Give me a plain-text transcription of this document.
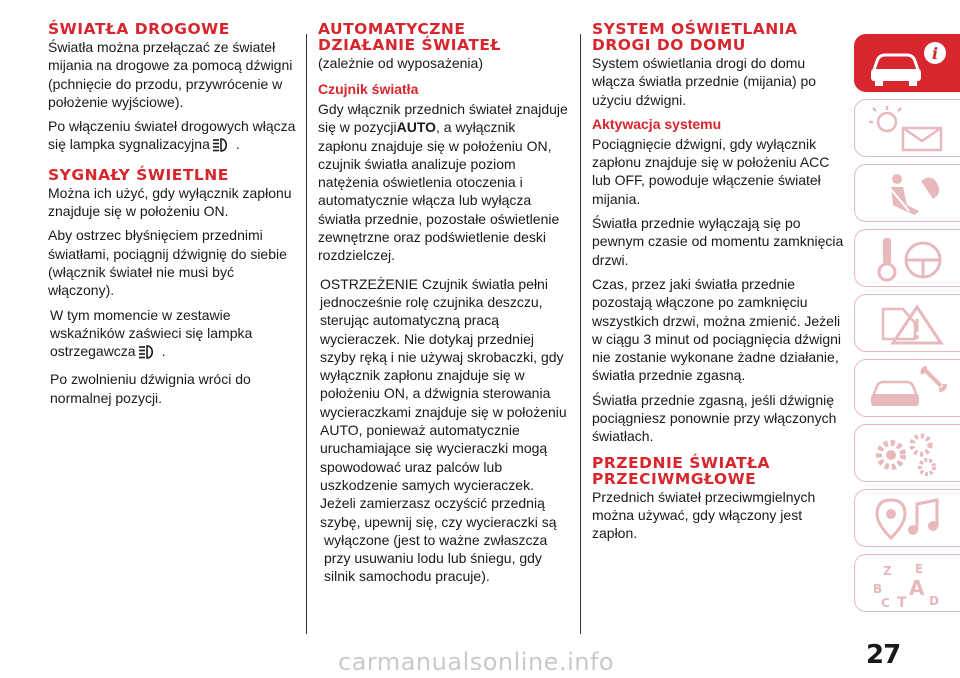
ŚWIATŁA DROGOWE

Światła można przełączać ze świateł mijania na drogowe za pomocą dźwigni (pchnięcie do przodu, przywrócenie w położenie wyjściowe).

Po włączeniu świateł drogowych włącza się lampka sygnalizacyjna .

SYGNAŁY ŚWIETLNE

Można ich użyć, gdy wyłącznik zapłonu znajduje się w położeniu ON.

Aby ostrzec błyśnięciem przednimi światłami, pociągnij dźwignię do siebie (włącznik świateł nie musi być włączony).

W tym momencie w zestawie wskaźników zaświeci się lampka ostrzegawcza .

Po zwolnieniu dźwignia wróci do normalnej pozycji.

AUTOMATYCZNE
DZIAŁANIE ŚWIATEŁ

(zależnie od wyposażenia)

Czujnik światła

Gdy włącznik przednich świateł znajduje się w pozycjiAUTO, a wyłącznik zapłonu znajduje się w położeniu ON, czujnik światła analizuje poziom natężenia oświetlenia otoczenia i automatycznie włącza lub wyłącza światła przednie, pozostałe oświetlenie zewnętrzne oraz podświetlenie deski rozdzielczej.

OSTRZEŻENIE Czujnik światła pełni jednocześnie rolę czujnika deszczu, sterując automatyczną pracą wycieraczek. Nie dotykaj przedniej szyby ręką i nie używaj skrobaczki, gdy wyłącznik zapłonu znajduje się w położeniu ON, a dźwignia sterowania wycieraczkami znajduje się w położeniu AUTO, ponieważ automatycznie uruchamiające się wycieraczki mogą spowodować uraz palców lub uszkodzenie samych wycieraczek. Jeżeli zamierzasz oczyścić przednią szybę, upewnij się, czy wycieraczki są

wyłączone (jest to ważne zwłaszcza przy usuwaniu lodu lub śniegu, gdy silnik samochodu pracuje).

SYSTEM OŚWIETLANIA
DROGI DO DOMU

System oświetlania drogi do domu włącza światła przednie (mijania) po użyciu dźwigni.

Aktywacja systemu

Pociągnięcie dźwigni, gdy wyłącznik zapłonu znajduje się w położeniu ACC lub OFF, powoduje włączenie świateł mijania.

Światła przednie wyłączają się po pewnym czasie od momentu zamknięcia drzwi.

Czas, przez jaki światła przednie pozostają włączone po zamknięciu wszystkich drzwi, można zmienić. Jeżeli w ciągu 3 minut od pociągnięcia dźwigni nie zostanie wykonane żadne działanie, światła przednie zgasną.

Światła przednie zgasną, jeśli dźwignię pociągniesz ponownie przy włączonych światłach.

PRZEDNIE ŚWIATŁA
PRZECIWMGŁOWE

Przednich świateł przeciwmgielnych można używać, gdy włączony jest zapłon.

i
Z E
B A
C T D
27
carmanualsonline.info
